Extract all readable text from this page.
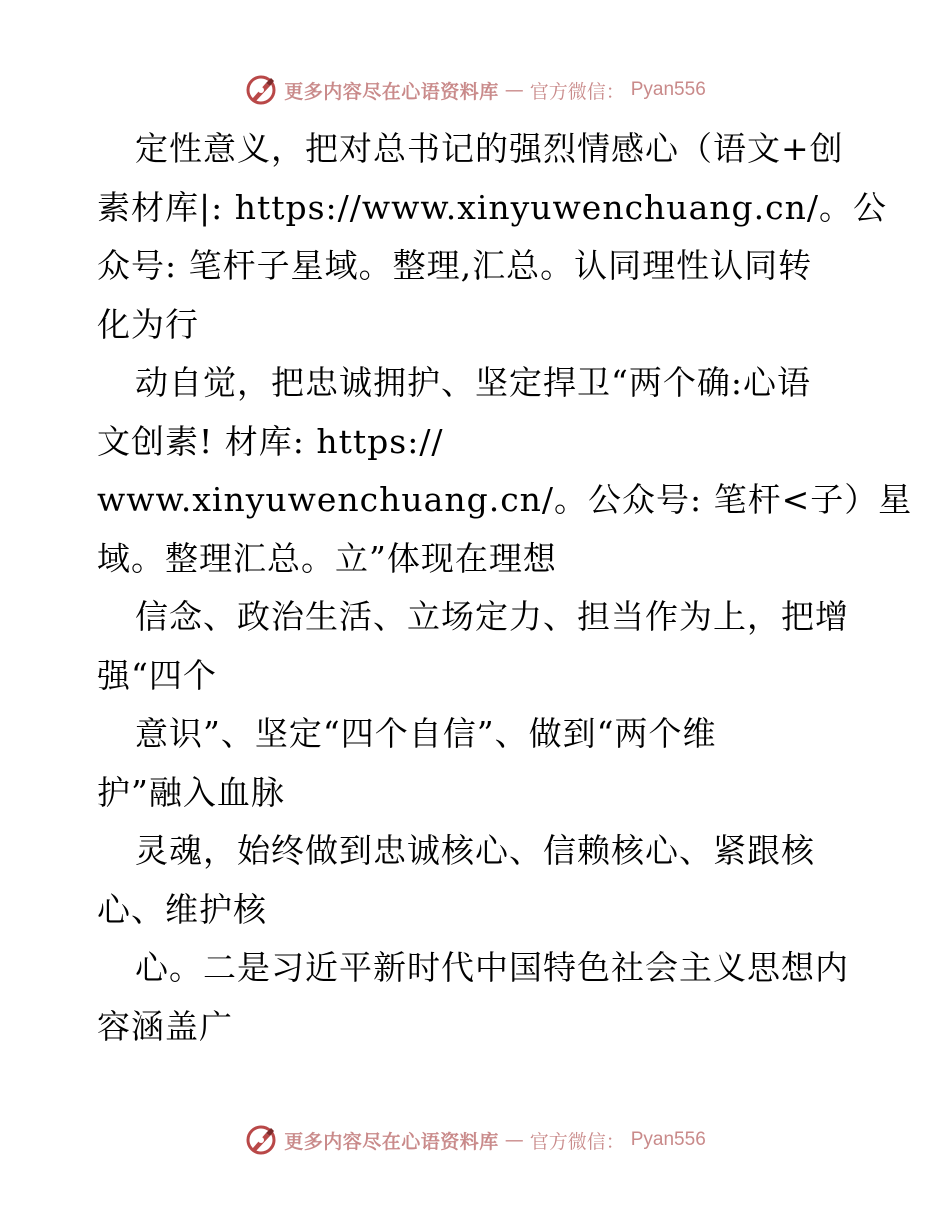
更多内容尽在心语资料库 — 官方微信： Pyan556
定性意义，把对总书记的强烈情感心（语文+创
素材库|: https://www.xinyuwenchuang.cn/。公
众号: 笔杆子星域。整理,汇总。认同理性认同转
化为行
动自觉，把忠诚拥护、坚定捍卫“两个确:心语
文创素! 材库: https://
www.xinyuwenchuang.cn/。公众号: 笔杆<子）星
域。整理汇总。立”体现在理想
信念、政治生活、立场定力、担当作为上，把增
强“四个
意识”、坚定“四个自信”、做到“两个维
护”融入血脉
灵魂，始终做到忠诚核心、信赖核心、紧跟核
心、维护核
心。二是习近平新时代中国特色社会主义思想内
容涵盖广
更多内容尽在心语资料库 — 官方微信： Pyan556
